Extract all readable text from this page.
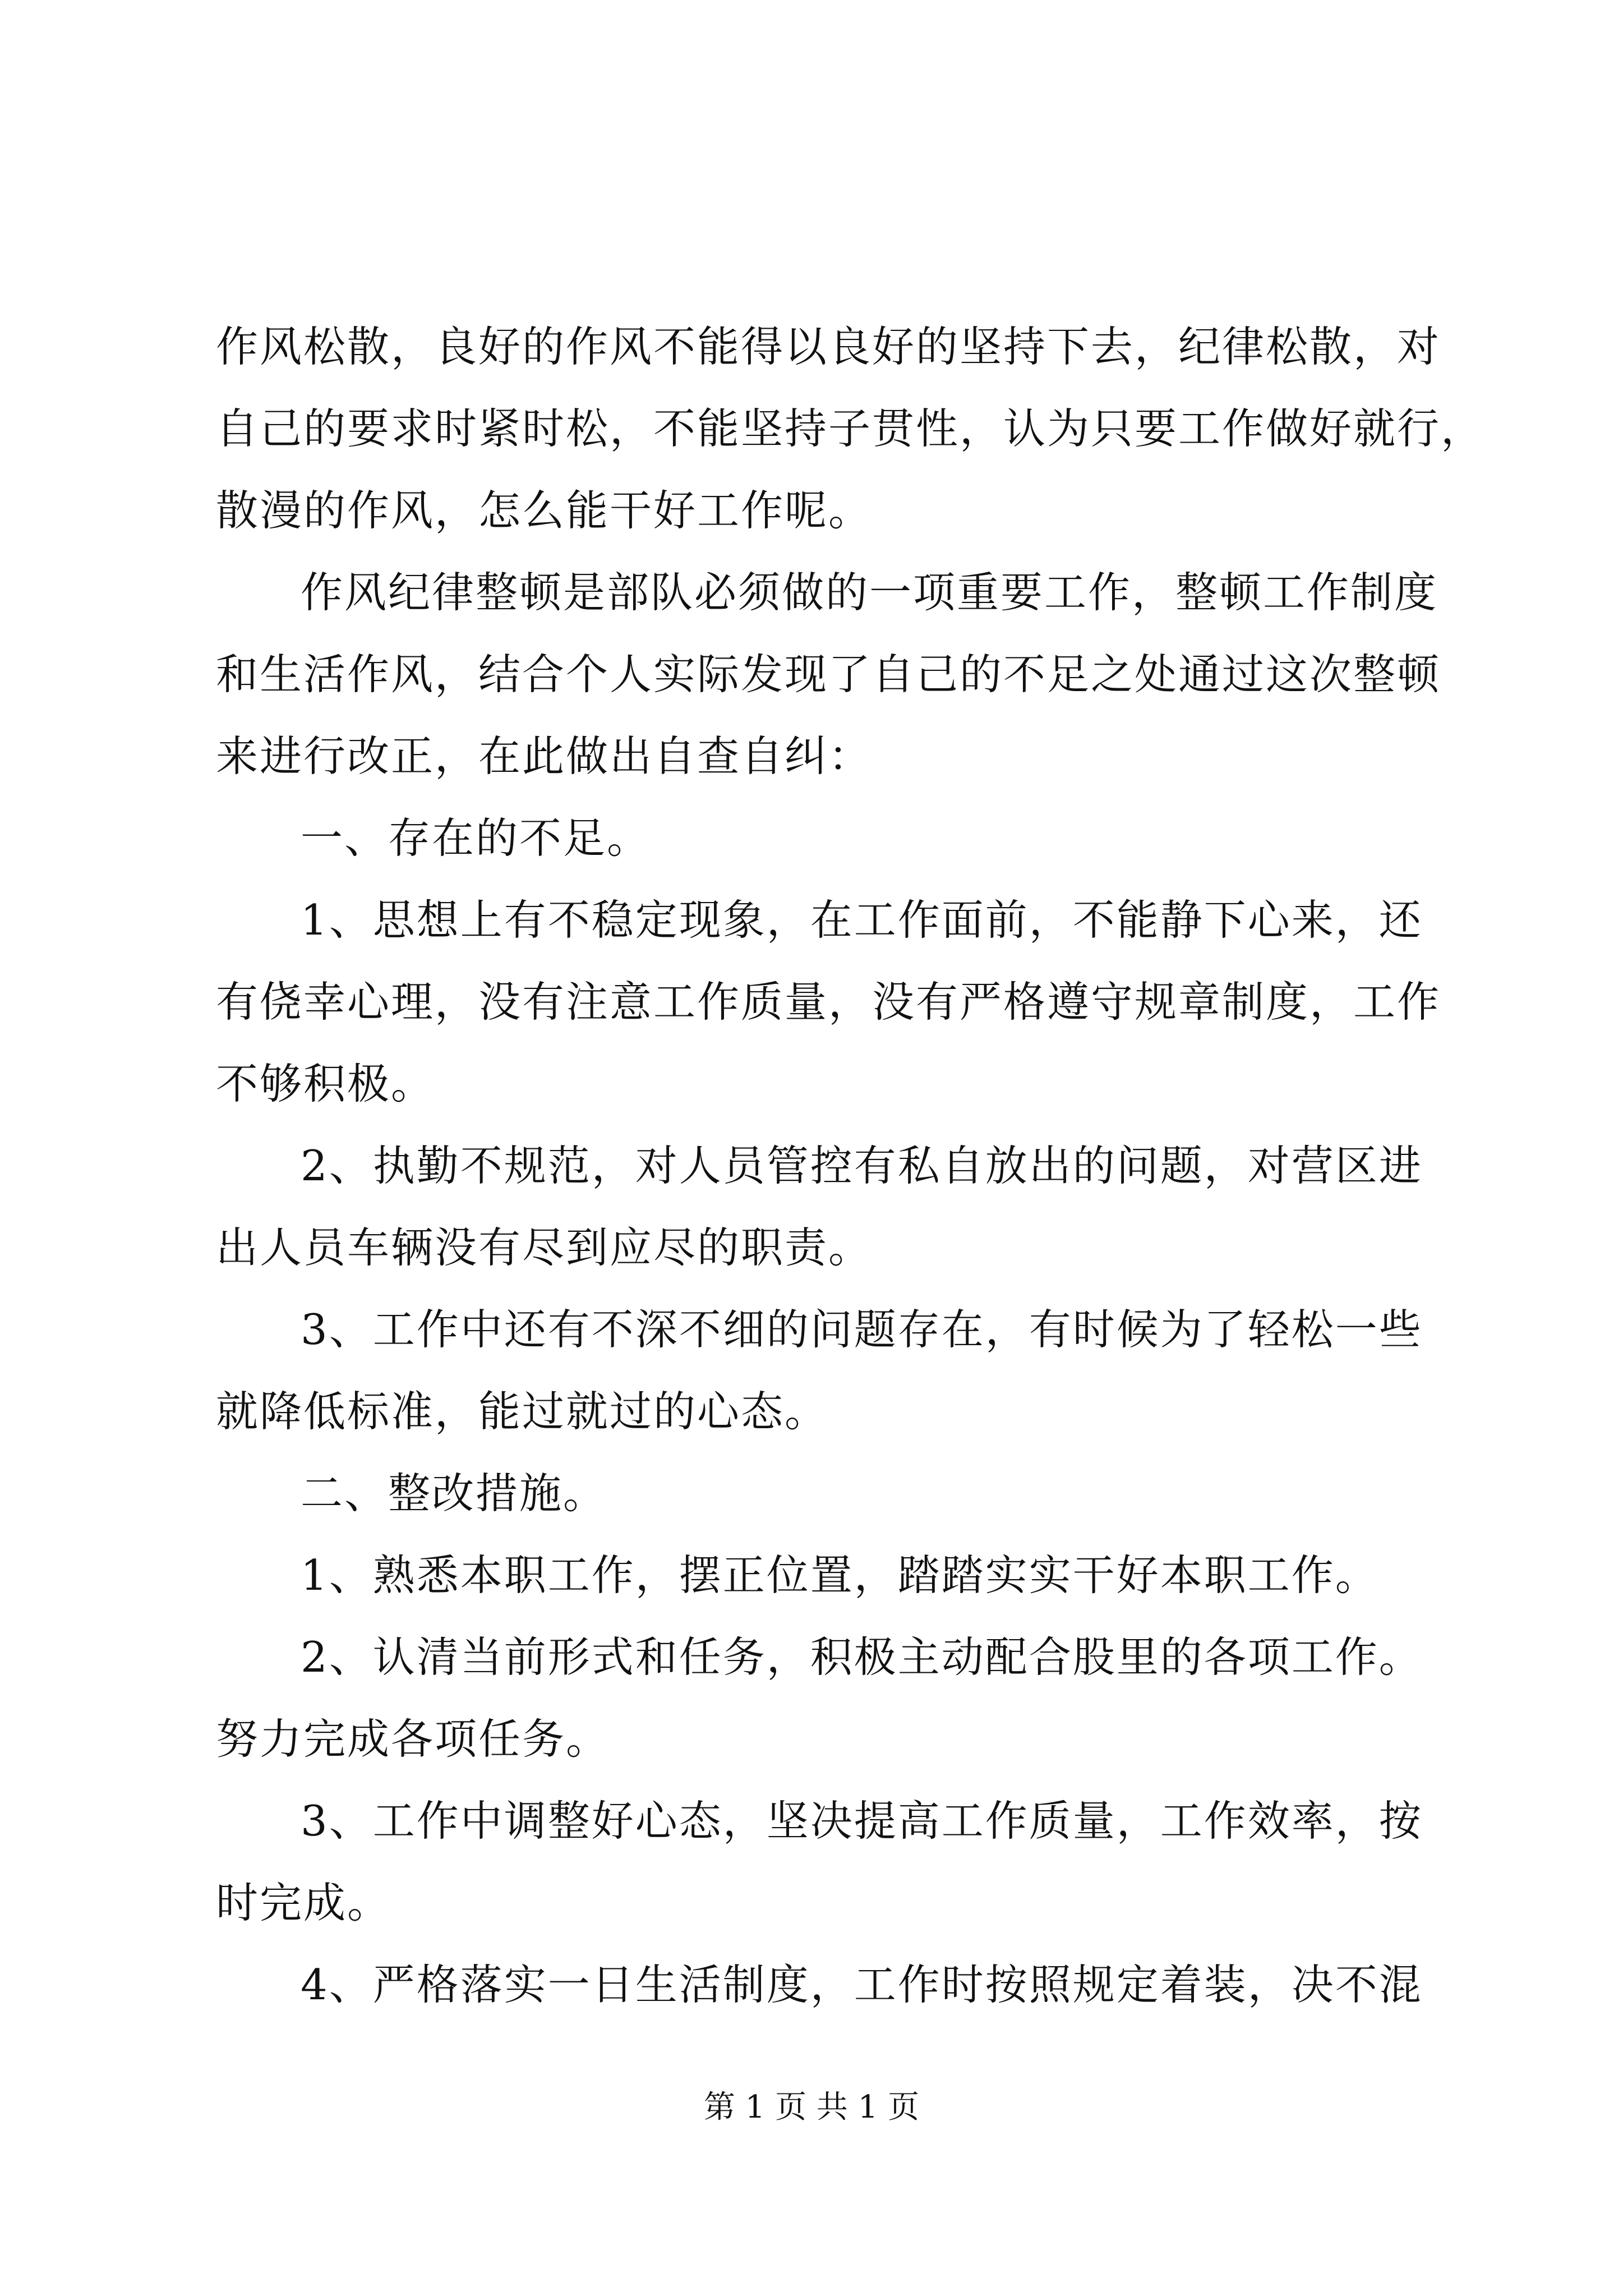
作风松散，良好的作风不能得以良好的坚持下去，纪律松散，对
自己的要求时紧时松，不能坚持子贯性，认为只要工作做好就行，
散漫的作风，怎么能干好工作呢。
作风纪律整顿是部队必须做的一项重要工作，整顿工作制度
和生活作风，结合个人实际发现了自己的不足之处通过这次整顿
来进行改正，在此做出自查自纠：
一、存在的不足。
1、思想上有不稳定现象，在工作面前，不能静下心来，还
有侥幸心理，没有注意工作质量，没有严格遵守规章制度，工作
不够积极。
2、执勤不规范，对人员管控有私自放出的问题，对营区进
出人员车辆没有尽到应尽的职责。
3、工作中还有不深不细的问题存在，有时候为了轻松一些
就降低标准，能过就过的心态。
二、整改措施。
1、熟悉本职工作，摆正位置，踏踏实实干好本职工作。
2、认清当前形式和任务，积极主动配合股里的各项工作。
努力完成各项任务。
3、工作中调整好心态，坚决提高工作质量，工作效率，按
时完成。
4、严格落实一日生活制度，工作时按照规定着装，决不混
第 1 页 共 1 页
